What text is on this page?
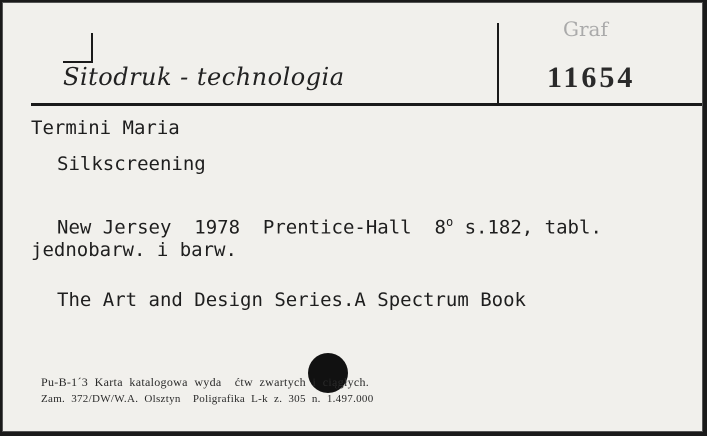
Sitodruk - technologia
Graf
11654
Termini Maria
Silkscreening
New Jersey  1978  Prentice-Hall  8$^o$ s.182, tabl.
jednobarw. i barw.
The Art and Design Series.A Spectrum Book
Pu-B-1´3  Karta  katalogowa  wyda    ćtw  zwartych  i  ciągłych.
Zam.  372/DW/W.A.  Olsztyn    Poligrafika  L-k  z.  305  n.  1.497.000
